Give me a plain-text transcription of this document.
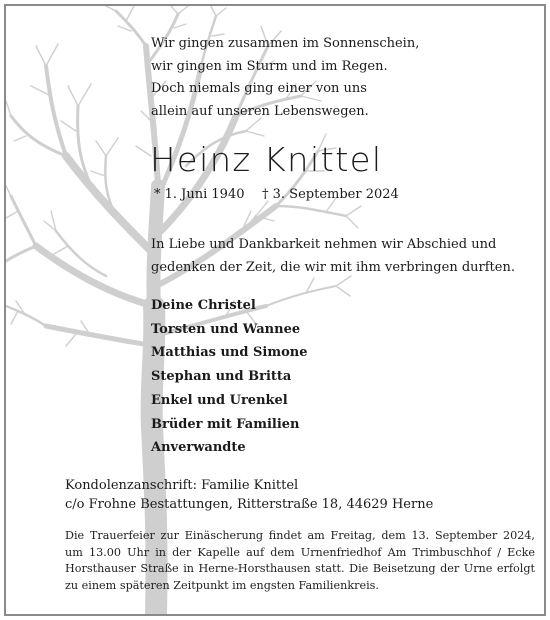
Wir gingen zusammen im Sonnenschein,
wir gingen im Sturm und im Regen.
Doch niemals ging einer von uns
allein auf unseren Lebenswegen.
Heinz Knittel
* 1. Juni 1940 † 3. September 2024
In Liebe und Dankbarkeit nehmen wir Abschied und
gedenken der Zeit, die wir mit ihm verbringen durften.
Deine Christel
Torsten und Wannee
Matthias und Simone
Stephan und Britta
Enkel und Urenkel
Brüder mit Familien
Anverwandte
Kondolenzanschrift: Familie Knittel
c/o Frohne Bestattungen, Ritterstraße 18, 44629 Herne
Die Trauerfeier zur Einäscherung findet am Freitag, dem 13. September 2024,
um 13.00 Uhr in der Kapelle auf dem Urnenfriedhof Am Trimbuschhof / Ecke
Horsthauser Straße in Herne-Horsthausen statt. Die Beisetzung der Urne erfolgt
zu einem späteren Zeitpunkt im engsten Familienkreis.
